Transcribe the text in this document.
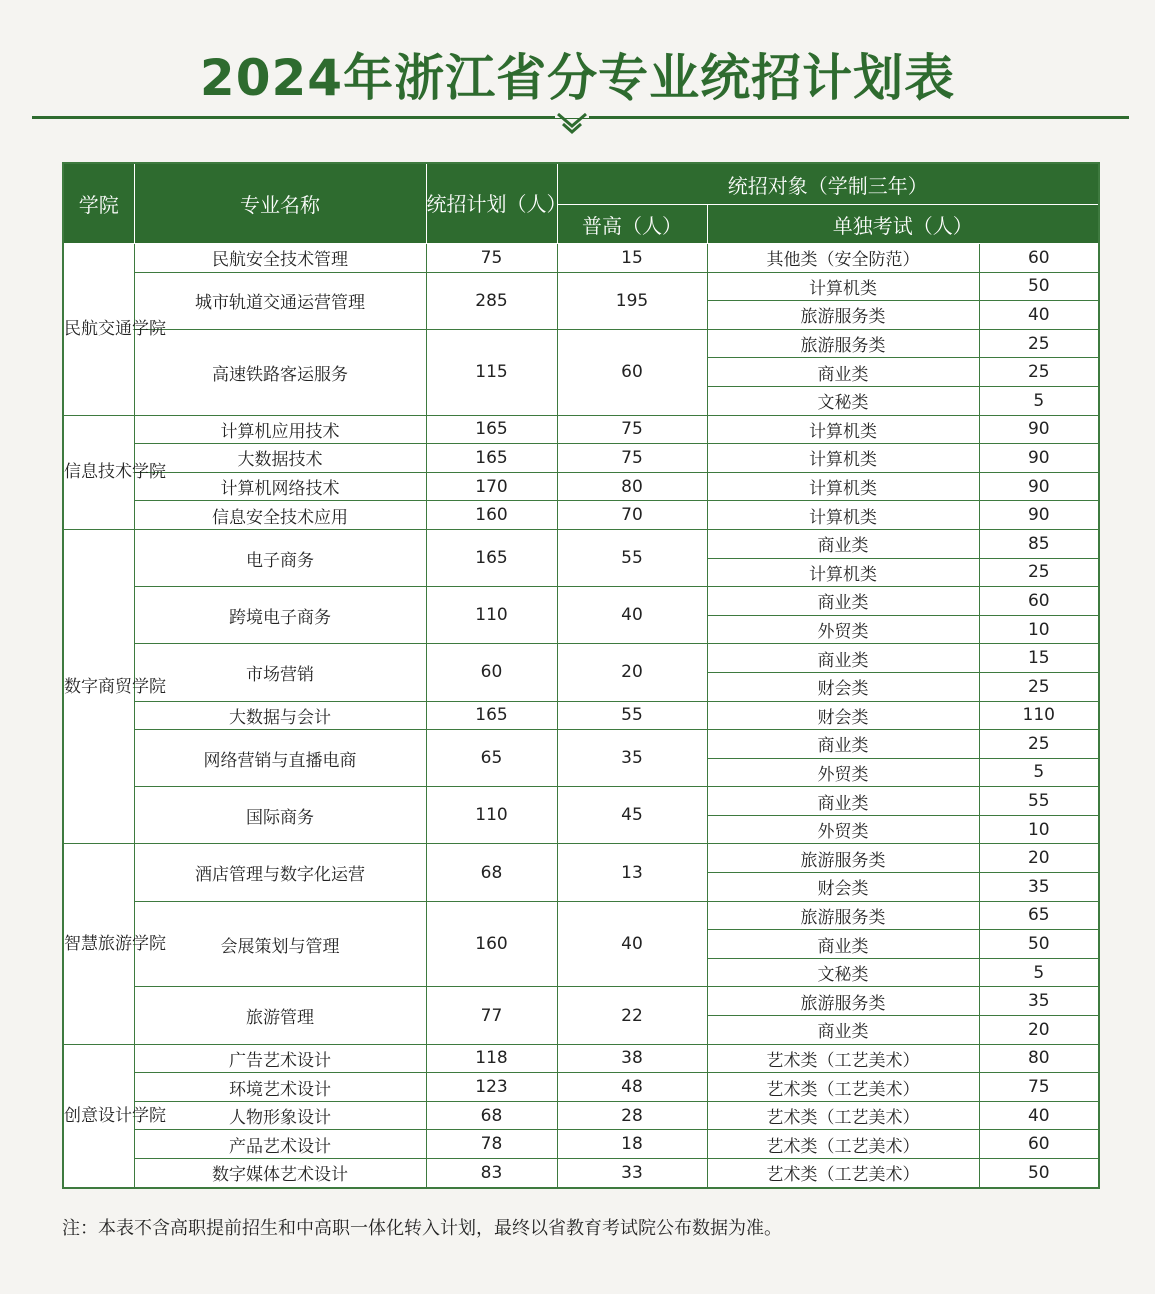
2024年浙江省分专业统招计划表
学院	专业名称	统招计划（人）	统招对象（学制三年）		
			普高（人）	单独考试（人）	
民航交通学院	民航安全技术管理	75	15	其他类（安全防范）	60
	城市轨道交通运营管理	285	195	计算机类	50
				旅游服务类	40
	高速铁路客运服务	115	60	旅游服务类	25
				商业类	25
				文秘类	5
信息技术学院	计算机应用技术	165	75	计算机类	90
	大数据技术	165	75	计算机类	90
	计算机网络技术	170	80	计算机类	90
	信息安全技术应用	160	70	计算机类	90
数字商贸学院	电子商务	165	55	商业类	85
				计算机类	25
	跨境电子商务	110	40	商业类	60
				外贸类	10
	市场营销	60	20	商业类	15
				财会类	25
	大数据与会计	165	55	财会类	110
	网络营销与直播电商	65	35	商业类	25
				外贸类	5
	国际商务	110	45	商业类	55
				外贸类	10
智慧旅游学院	酒店管理与数字化运营	68	13	旅游服务类	20
				财会类	35
	会展策划与管理	160	40	旅游服务类	65
				商业类	50
				文秘类	5
	旅游管理	77	22	旅游服务类	35
				商业类	20
创意设计学院	广告艺术设计	118	38	艺术类（工艺美术）	80
	环境艺术设计	123	48	艺术类（工艺美术）	75
	人物形象设计	68	28	艺术类（工艺美术）	40
	产品艺术设计	78	18	艺术类（工艺美术）	60
	数字媒体艺术设计	83	33	艺术类（工艺美术）	50
注：本表不含高职提前招生和中高职一体化转入计划，最终以省教育考试院公布数据为准。
